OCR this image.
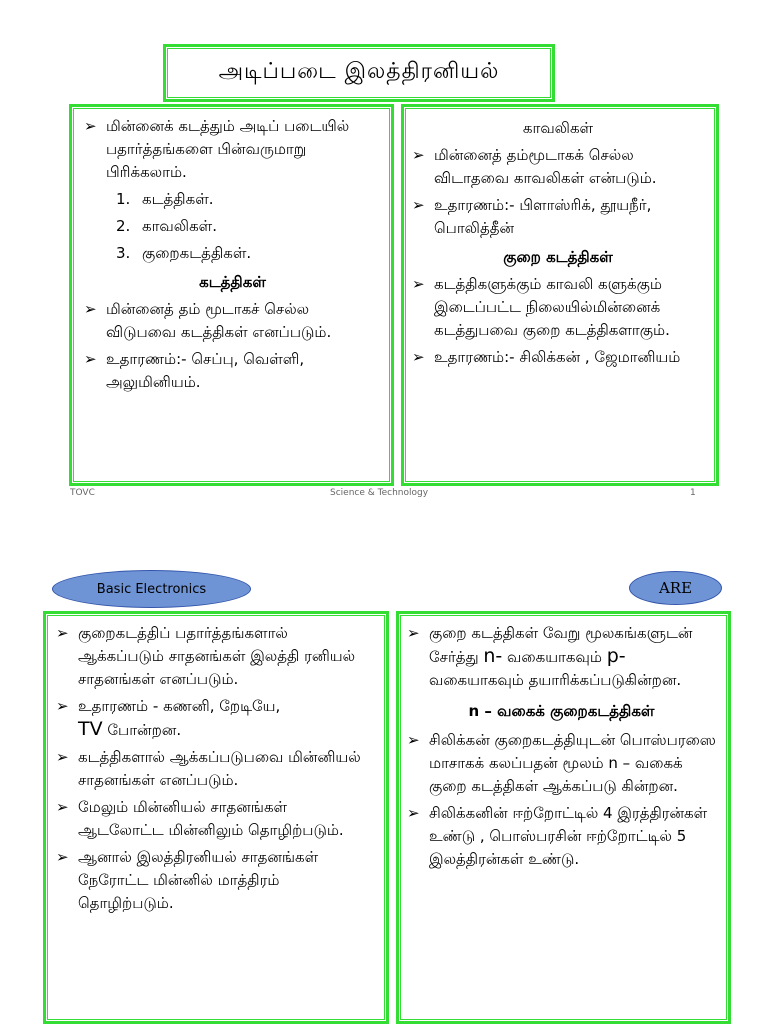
அடிப்படை இலத்திரனியல்
➢ மின்னைக் கடத்தும் அடிப் படையில் பதார்த்தங்களை பின்வருமாறு பிரிக்கலாம்.

1. கடத்திகள்.
2. காவலிகள்.
3. குறைகடத்திகள்.
கடத்திகள்
➢ மின்னைத் தம் மூடாகச் செல்ல விடுபவை கடத்திகள் எனப்படும்.

➢ உதாரணம்:- செப்பு, வெள்ளி, அலுமினியம்.

காவலிகள்
➢ மின்னைத் தம்மூடாகக் செல்ல விடாதவை காவலிகள் என்படும்.

➢ உதாரணம்:- பிளாஸ்ரிக், தூயநீர், பொலித்தீன்

குறை கடத்திகள்
➢ கடத்திகளுக்கும் காவலி களுக்கும் இடைப்பட்ட நிலையில்மின்னைக் கடத்துபவை குறை கடத்திகளாகும்.

➢ உதாரணம்:- சிலிக்கன் , ஜேமானியம்

TOVC	Science & Technology	1
Basic Electronics	ARE
➢ குறைகடத்திப் பதார்த்தங்களால் ஆக்கப்படும் சாதனங்கள் இலத்தி ரனியல் சாதனங்கள் எனப்படும்.

➢ உதாரணம் - கணனி, றேடியே,
TV போன்றன.

➢ கடத்திகளால் ஆக்கப்படுபவை மின்னியல் சாதனங்கள் எனப்படும்.

➢ மேலும் மின்னியல் சாதனங்கள் ஆடலோட்ட மின்னிலும் தொழிற்படும்.

➢ ஆனால் இலத்திரனியல் சாதனங்கள் நேரோட்ட மின்னில் மாத்திரம் தொழிற்படும்.

➢ குறை கடத்திகள் வேறு மூலகங்களுடன் சேர்த்து n- வகையாகவும் p- வகையாகவும் தயாரிக்கப்படுகின்றன.

n – வகைக் குறைகடத்திகள்
➢ சிலிக்கன் குறைகடத்தியுடன் பொஸ்பரஸை மாசாகக் கலப்பதன் மூலம் n – வகைக் குறை கடத்திகள் ஆக்கப்படு கின்றன.

➢ சிலிக்கனின் ஈற்றோட்டில் 4 இரத்திரன்கள் உண்டு , பொஸ்பரசின் ஈற்றோட்டில் 5 இலத்திரன்கள் உண்டு.
